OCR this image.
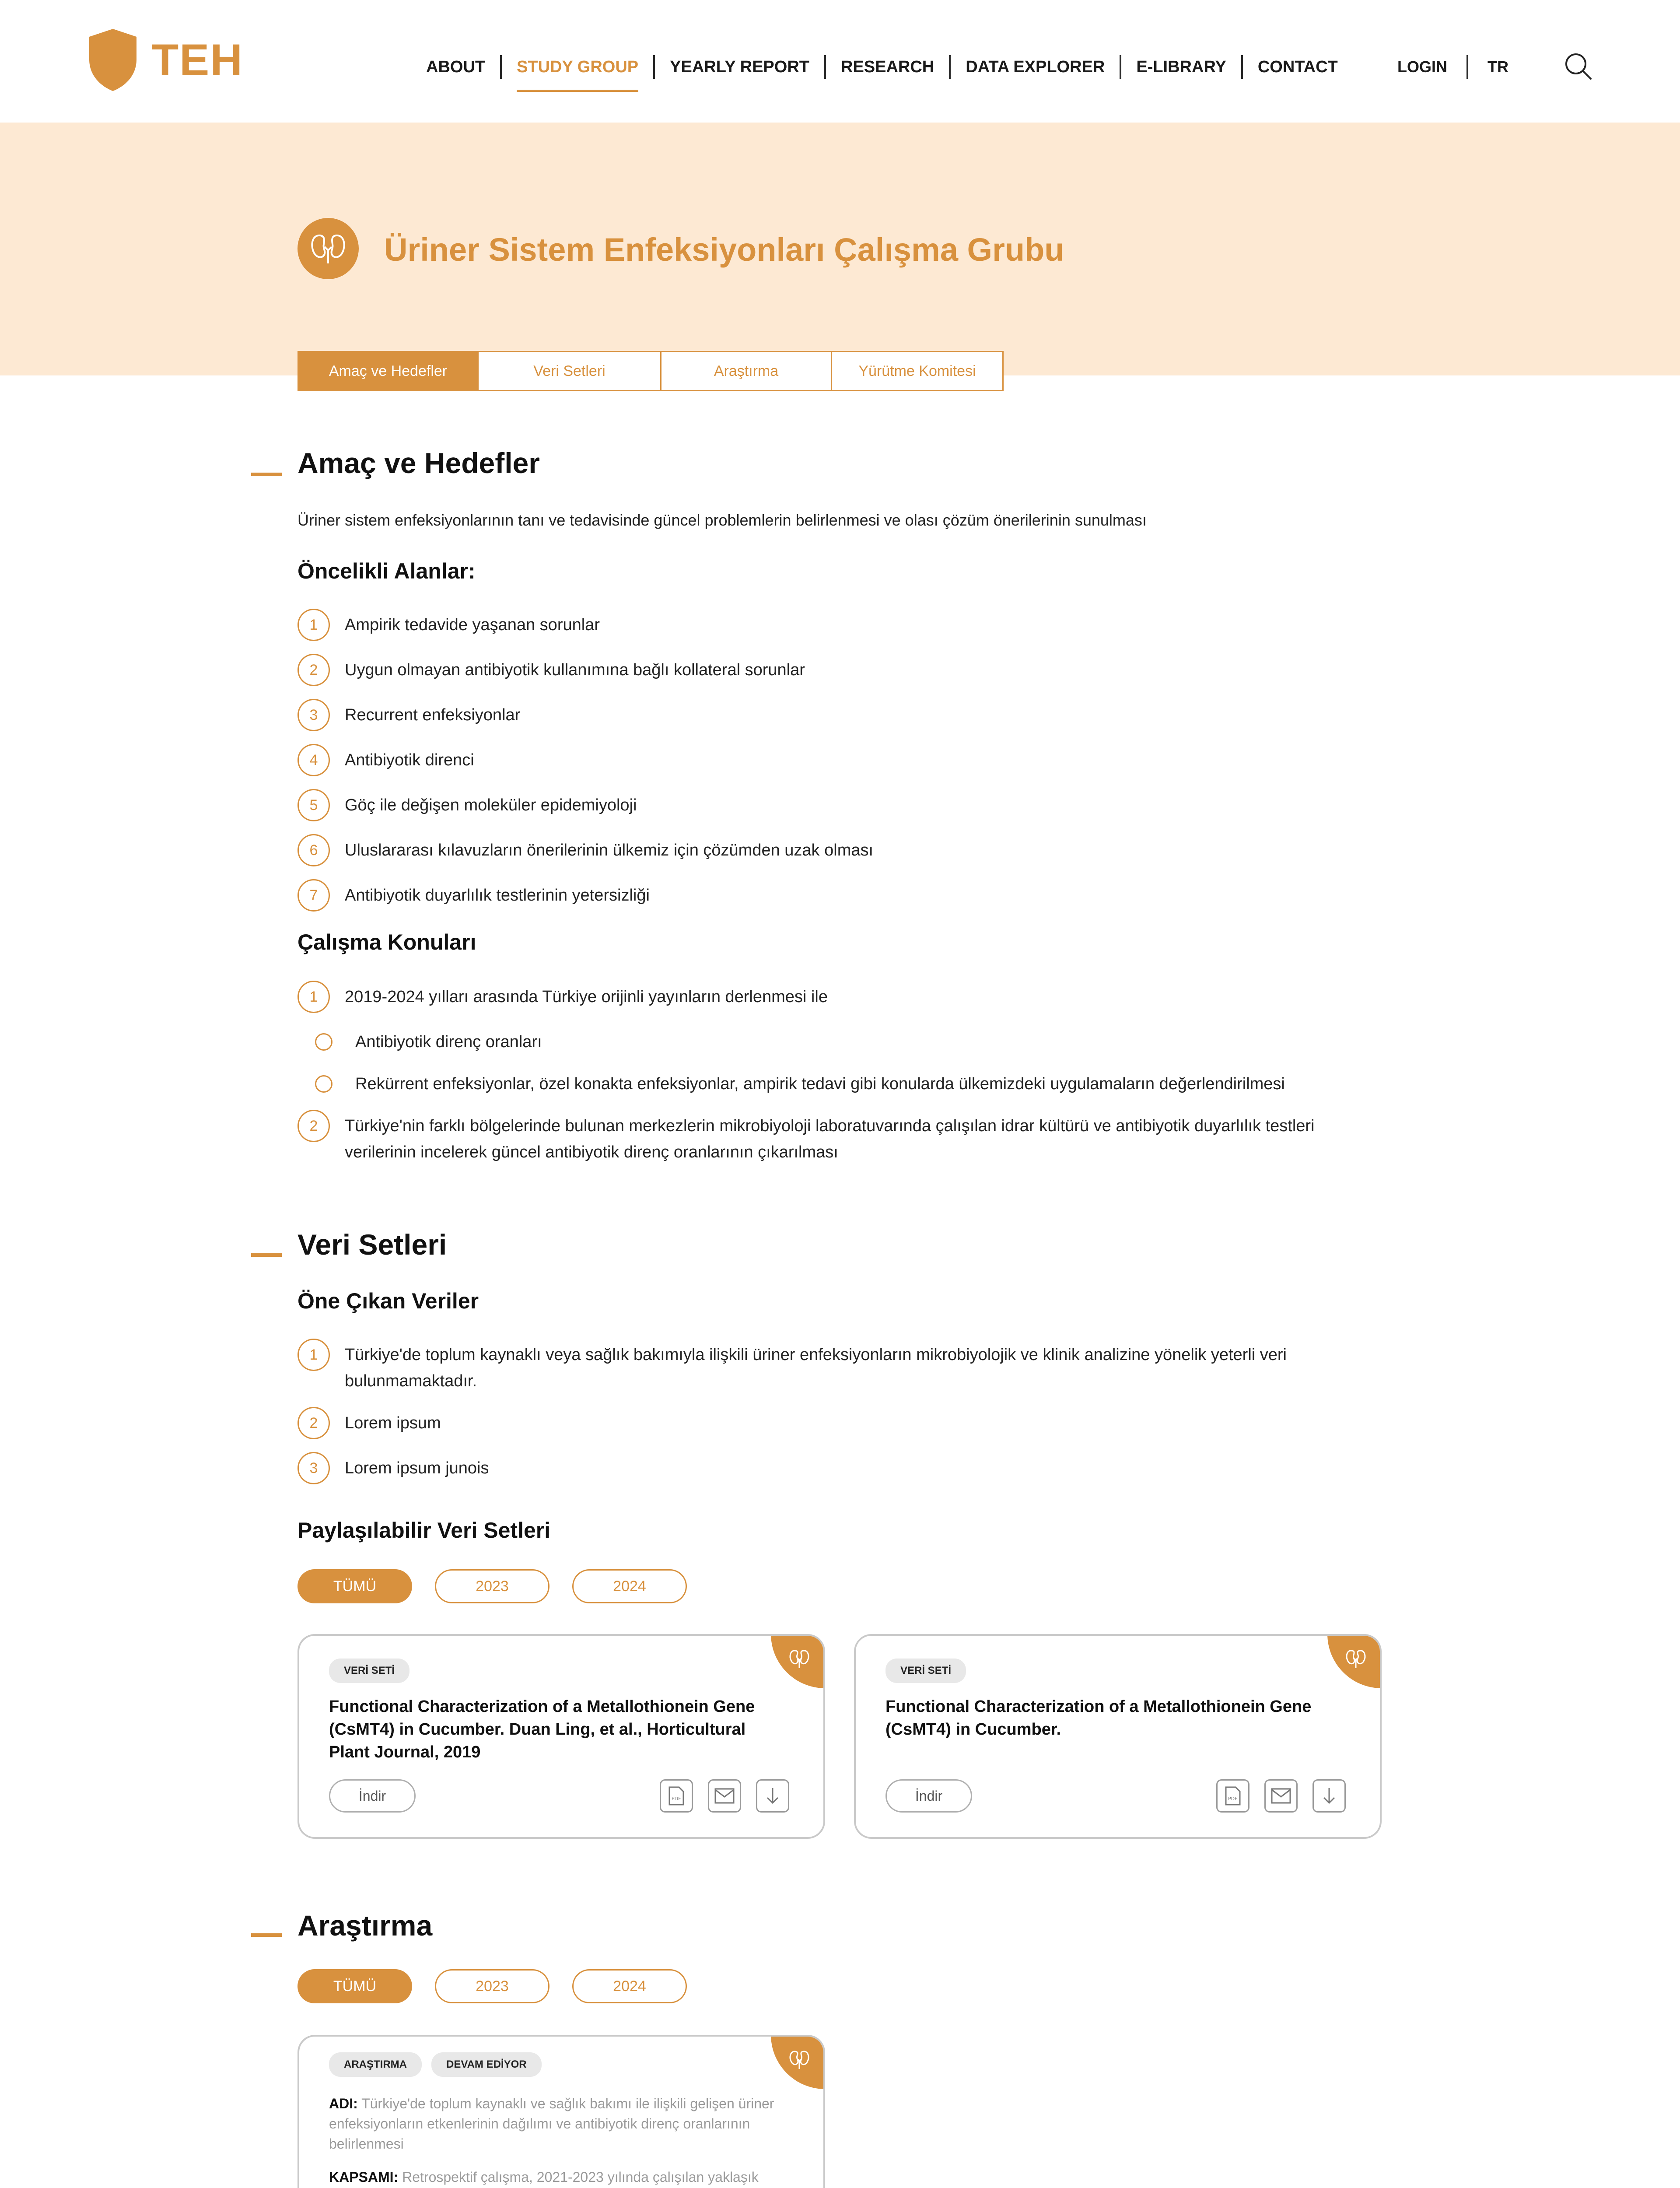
TEH	ABOUT	STUDY GROUP	YEARLY REPORT	RESEARCH	DATA EXPLORER	E-LIBRARY	CONTACT	LOGIN	TR
Üriner Sistem Enfeksiyonları Çalışma Grubu
Amaç ve Hedefler	Veri Setleri	Araştırma	Yürütme Komitesi
Amaç ve Hedefler

Üriner sistem enfeksiyonlarının tanı ve tedavisinde güncel problemlerin belirlenmesi ve olası çözüm önerilerinin sunulması

Öncelikli Alanlar:
1	Ampirik tedavide yaşanan sorunlar
2	Uygun olmayan antibiyotik kullanımına bağlı kollateral sorunlar
3	Recurrent enfeksiyonlar
4	Antibiyotik direnci
5	Göç ile değişen moleküler epidemiyoloji
6	Uluslararası kılavuzların önerilerinin ülkemiz için çözümden uzak olması
7	Antibiyotik duyarlılık testlerinin yetersizliği
Çalışma Konuları
1	2019-2024 yılları arasında Türkiye orijinli yayınların derlenmesi ile
Antibiyotik direnç oranları
Rekürrent enfeksiyonlar, özel konakta enfeksiyonlar, ampirik tedavi gibi konularda ülkemizdeki uygulamaların değerlendirilmesi
2	Türkiye'nin farklı bölgelerinde bulunan merkezlerin mikrobiyoloji laboratuvarında çalışılan idrar kültürü ve antibiyotik duyarlılık testleri verilerinin incelerek güncel antibiyotik direnç oranlarının çıkarılması
Veri Setleri
Öne Çıkan Veriler
1	Türkiye'de toplum kaynaklı veya sağlık bakımıyla ilişkili üriner enfeksiyonların mikrobiyolojik ve klinik analizine yönelik yeterli veri bulunmamaktadır.
2	Lorem ipsum
3	Lorem ipsum junois
Paylaşılabilir Veri Setleri
TÜMÜ	2023	2024
VERİ SETİ
Functional Characterization of a Metallothionein Gene (CsMT4) in Cucumber. Duan Ling, et al., Horticultural Plant Journal, 2019
İndir	PDF
VERİ SETİ
Functional Characterization of a Metallothionein Gene (CsMT4) in Cucumber.
İndir	PDF
Araştırma
TÜMÜ	2023	2024
ARAŞTIRMA	DEVAM EDİYOR
ADI: Türkiye'de toplum kaynaklı ve sağlık bakımı ile ilişkili gelişen üriner enfeksiyonların etkenlerinin dağılımı ve antibiyotik direnç oranlarının belirlenmesi
KAPSAMI: Retrospektif çalışma, 2021-2023 yılında çalışılan yaklaşık
